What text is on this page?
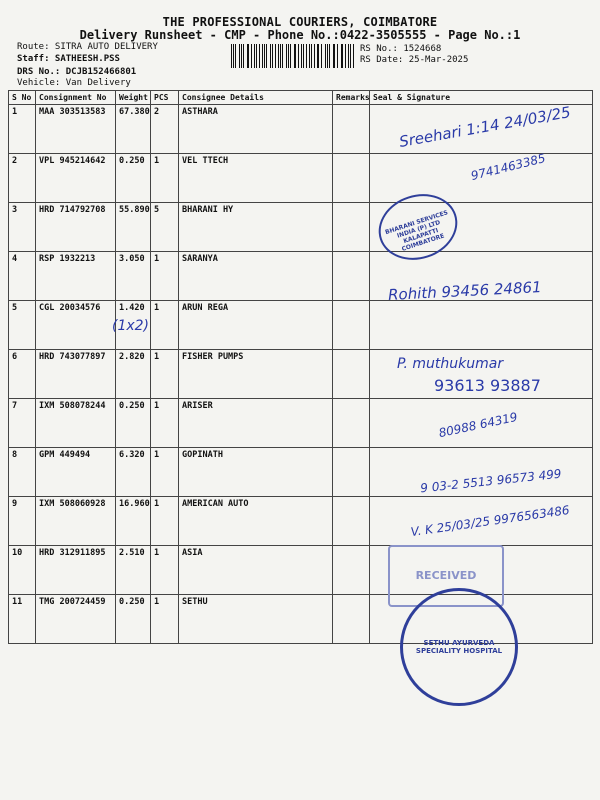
THE PROFESSIONAL COURIERS, COIMBATORE
Delivery Runsheet - CMP - Phone No.:0422-3505555 - Page No.:1
Route: SITRA AUTO DELIVERY
Staff: SATHEESH.PSS
DRS No.: DCJB152466801
Vehicle: Van Delivery
RS No.: 1524668
RS Date: 25-Mar-2025
S No	Consignment No	Weight	PCS	Consignee Details	Remarks	Seal & Signature
1	MAA 303513583	67.380	2	ASTHARA		
2	VPL 945214642	0.250	1	VEL TTECH		
3	HRD 714792708	55.890	5	BHARANI HY		
4	RSP 1932213	3.050	1	SARANYA		
5	CGL 20034576	1.420	1	ARUN REGA		
6	HRD 743077897	2.820	1	FISHER PUMPS		
7	IXM 508078244	0.250	1	ARISER		
8	GPM 449494	6.320	1	GOPINATH		
9	IXM 508060928	16.960	1	AMERICAN AUTO		
10	HRD 312911895	2.510	1	ASIA		
11	TMG 200724459	0.250	1	SETHU		
Sreehari 1:14 24/03/25
9741463385
Rohith 93456 24861
(1x2)
P. muthukumar
93613 93887
80988 64319
9 03-2 5513 96573 499
V. K 25/03/25 9976563486
BHARANI SERVICES INDIA (P) LTD KALAPATTI COIMBATORE
RECEIVED
SETHU AYURVEDA SPECIALITY HOSPITAL
